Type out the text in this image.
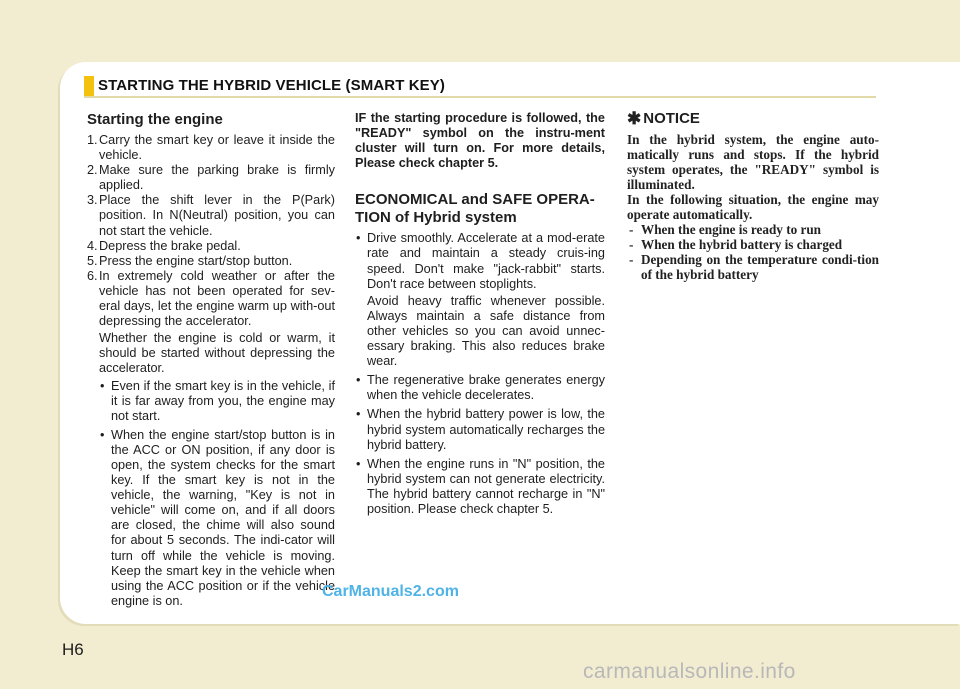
STARTING THE HYBRID VEHICLE (SMART KEY)
Starting the engine
1. Carry the smart key or leave it inside the vehicle.

2. Make sure the parking brake is firmly applied.

3. Place the shift lever in the P(Park) position. In N(Neutral) position, you can not start the vehicle.

4. Depress the brake pedal.

5. Press the engine start/stop button.

6. In extremely cold weather or after the vehicle has not been operated for sev-eral days, let the engine warm up with-out depressing the accelerator.

Whether the engine is cold or warm, it should be started without depressing the accelerator.

• Even if the smart key is in the vehicle, if it is far away from you, the engine may not start.
• When the engine start/stop button is in the ACC or ON position, if any door is open, the system checks for the smart key. If the smart key is not in the vehicle, the warning, "Key is not in vehicle" will come on, and if all doors are closed, the chime will also sound for about 5 seconds. The indi-cator will turn off while the vehicle is moving. Keep the smart key in the vehicle when using the ACC position or if the vehicle engine is on.

IF the starting procedure is followed, the "READY" symbol on the instru-ment cluster will turn on. For more details, Please check chapter 5.

ECONOMICAL and SAFE OPERA-
TION of Hybrid system
• Drive smoothly. Accelerate at a mod-erate rate and maintain a steady cruis-ing speed. Don't make "jack-rabbit" starts. Don't race between stoplights.

Avoid heavy traffic whenever possible. Always maintain a safe distance from other vehicles so you can avoid unnec-essary braking. This also reduces brake wear.

• The regenerative brake generates energy when the vehicle decelerates.

• When the hybrid battery power is low, the hybrid system automatically recharges the hybrid battery.

• When the engine runs in "N" position, the hybrid system can not generate electricity. The hybrid battery cannot recharge in "N" position. Please check chapter 5.

✱ NOTICE

In the hybrid system, the engine auto-matically runs and stops. If the hybrid system operates, the "READY" symbol is illuminated.

In the following situation, the engine may operate automatically.

- When the engine is ready to run
- When the hybrid battery is charged
- Depending on the temperature condi-tion of the hybrid battery
CarManuals2.com
H6
carmanualsonline.info
